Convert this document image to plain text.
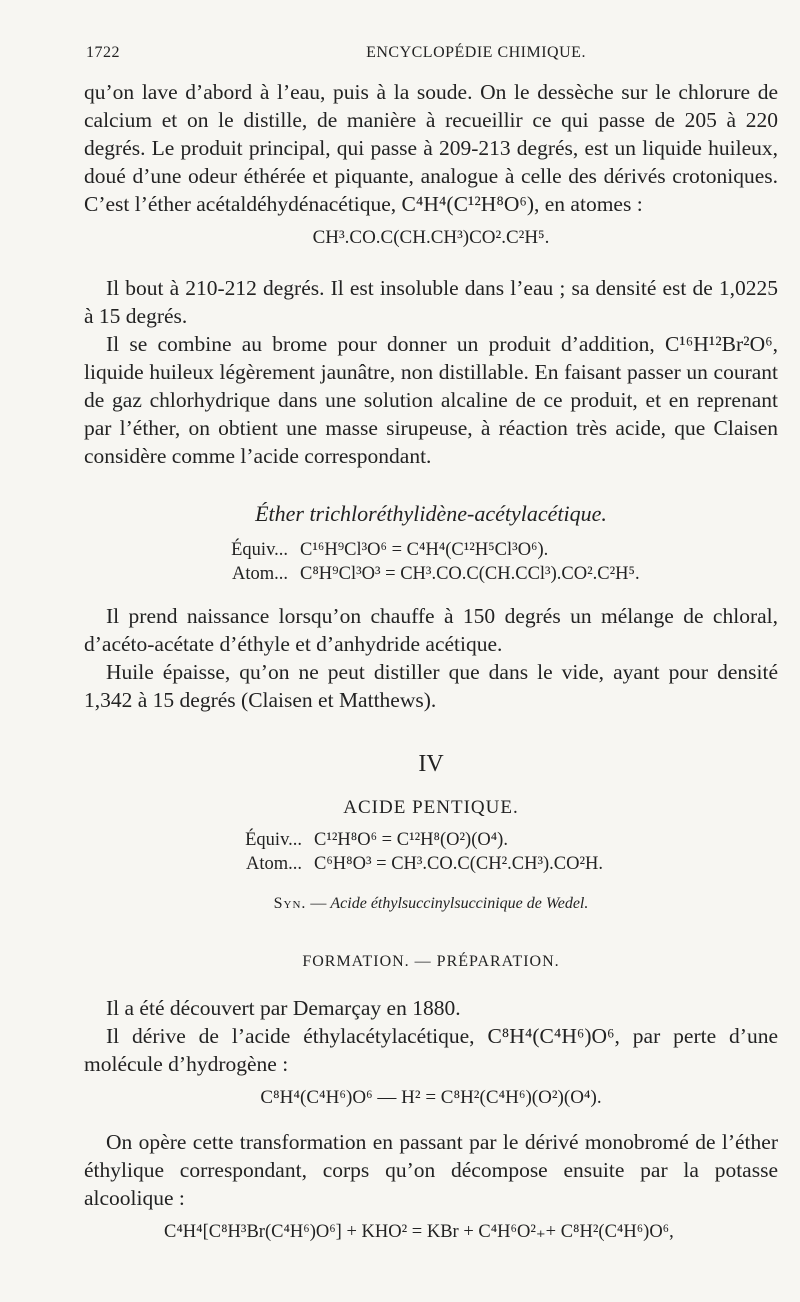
1722	ENCYCLOPÉDIE CHIMIQUE.

qu’on lave d’abord à l’eau, puis à la soude. On le dessèche sur le chlorure de calcium et on le distille, de manière à recueillir ce qui passe de 205 à 220 degrés. Le produit principal, qui passe à 209-213 degrés, est un liquide huileux, doué d’une odeur éthérée et piquante, analogue à celle des dérivés crotoniques. C’est l’éther acétaldéhydénacétique, C⁴H⁴(C¹²H⁸O⁶), en atomes :

CH³.CO.C(CH.CH³)CO².C²H⁵.

Il bout à 210-212 degrés. Il est insoluble dans l’eau ; sa densité est de 1,0225 à 15 degrés.

Il se combine au brome pour donner un produit d’addition, C¹⁶H¹²Br²O⁶, liquide huileux légèrement jaunâtre, non distillable. En faisant passer un courant de gaz chlorhydrique dans une solution alcaline de ce produit, et en reprenant par l’éther, on obtient une masse sirupeuse, à réaction très acide, que Claisen considère comme l’acide correspondant.

Éther trichloréthylidène-acétylacétique.

Équiv... C¹⁶H⁹Cl³O⁶ = C⁴H⁴(C¹²H⁵Cl³O⁶).
Atom... C⁸H⁹Cl³O³ = CH³.CO.C(CH.CCl³).CO².C²H⁵.

Il prend naissance lorsqu’on chauffe à 150 degrés un mélange de chloral, d’acéto-acétate d’éthyle et d’anhydride acétique.

Huile épaisse, qu’on ne peut distiller que dans le vide, ayant pour densité 1,342 à 15 degrés (Claisen et Matthews).

IV
ACIDE PENTIQUE.
Équiv... C¹²H⁸O⁶ = C¹²H⁸(O²)(O⁴).
Atom... C⁶H⁸O³ = CH³.CO.C(CH².CH³).CO²H.
Syn. — Acide éthylsuccinylsuccinique de Wedel.
FORMATION. — PRÉPARATION.

Il a été découvert par Demarçay en 1880.

Il dérive de l’acide éthylacétylacétique, C⁸H⁴(C⁴H⁶)O⁶, par perte d’une molécule d’hydrogène :

C⁸H⁴(C⁴H⁶)O⁶ — H² = C⁸H²(C⁴H⁶)(O²)(O⁴).

On opère cette transformation en passant par le dérivé monobromé de l’éther éthylique correspondant, corps qu’on décompose ensuite par la potasse alcoolique :

C⁴H⁴[C⁸H³Br(C⁴H⁶)O⁶] + KHO² = KBr + C⁴H⁶O²₊+ C⁸H²(C⁴H⁶)O⁶,
